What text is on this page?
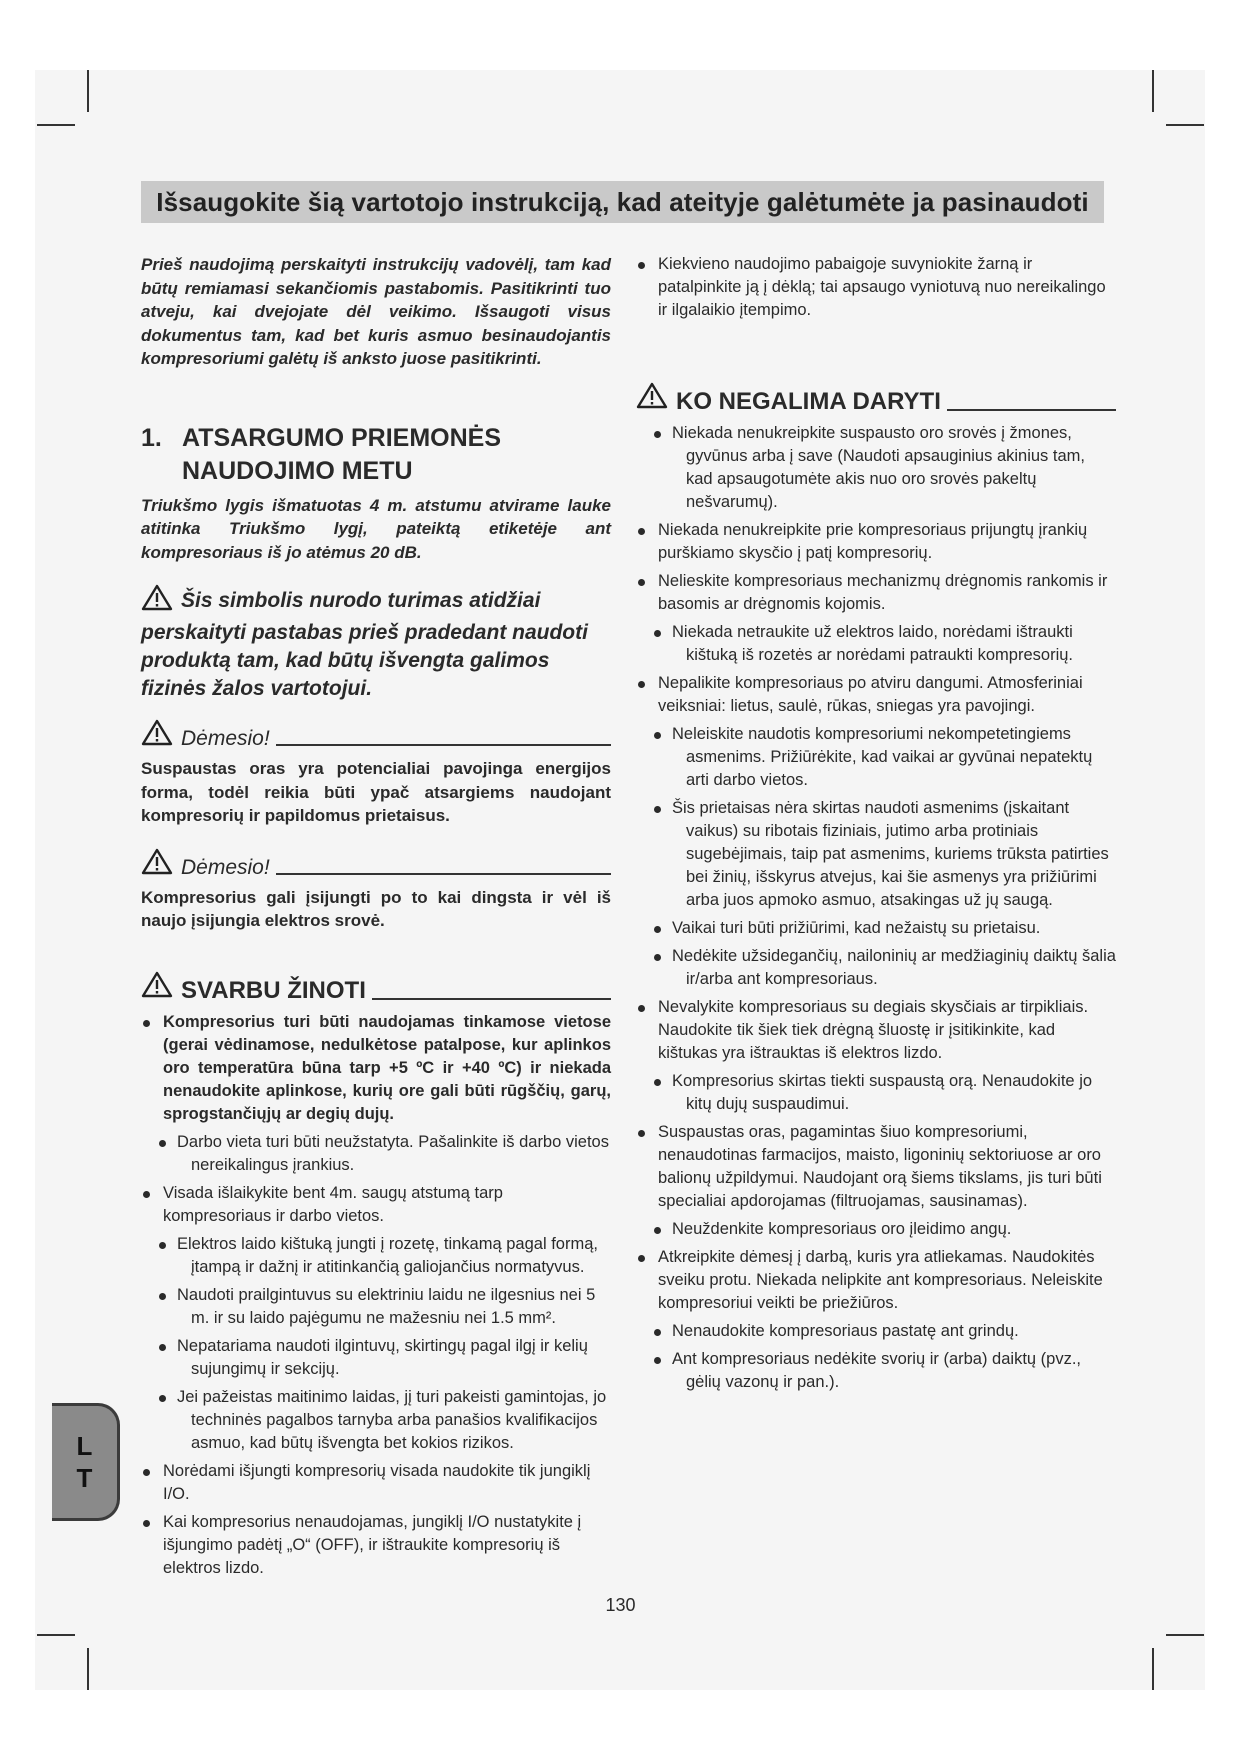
Išsaugokite šią vartotojo instrukciją, kad ateityje galėtumėte ja pasinaudoti

Prieš naudojimą perskaityti instrukcijų vadovėlį, tam kad būtų remiamasi sekančiomis pastabomis. Pasitikrinti tuo atveju, kai dvejojate dėl veikimo. Išsaugoti visus dokumentus tam, kad bet kuris asmuo besinaudojantis kompresoriumi galėtų iš anksto juose pasitikrinti.

1. ATSARGUMO PRIEMONĖS
NAUDOJIMO METU

Triukšmo lygis išmatuotas 4 m. atstumu atvirame lauke atitinka Triukšmo lygį, pateiktą etiketėje ant kompresoriaus iš jo atėmus 20 dB.

Šis simbolis nurodo turimas atidžiai perskaityti pastabas prieš pradedant naudoti produktą tam, kad būtų išvengta galimos fizinės žalos vartotojui.

Dėmesio!

Suspaustas oras yra potencialiai pavojinga energijos forma, todėl reikia būti ypač atsargiems naudojant kompresorių ir papildomus prietaisus.

Dėmesio!

Kompresorius gali įsijungti po to kai dingsta ir vėl iš naujo įsijungia elektros srovė.

SVARBU ŽINOTI
Kompresorius turi būti naudojamas tinkamose vietose (gerai vėdinamose, nedulkėtose patalpose, kur aplinkos oro temperatūra būna tarp +5 ºC ir +40 ºC) ir niekada nenaudokite aplinkose, kurių ore gali būti rūgščių, garų, sprogstančiųjų ar degių dujų.
Darbo vieta turi būti neužstatyta. Pašalinkite iš darbo vietos nereikalingus įrankius.
Visada išlaikykite bent 4m. saugų atstumą tarp kompresoriaus ir darbo vietos.
Elektros laido kištuką jungti į rozetę, tinkamą pagal formą, įtampą ir dažnį ir atitinkančią galiojančius normatyvus.
Naudoti prailgintuvus su elektriniu laidu ne ilgesnius nei 5 m. ir su laido pajėgumu ne mažesniu nei 1.5 mm².
Nepatariama naudoti ilgintuvų, skirtingų pagal ilgį ir kelių sujungimų ir sekcijų.
Jei pažeistas maitinimo laidas, jį turi pakeisti gamintojas, jo techninės pagalbos tarnyba arba panašios kvalifikacijos asmuo, kad būtų išvengta bet kokios rizikos.
Norėdami išjungti kompresorių visada naudokite tik jungiklį I/O.
Kai kompresorius nenaudojamas, jungiklį I/O nustatykite į išjungimo padėtį „O“ (OFF), ir ištraukite kompresorių iš elektros lizdo.
Kiekvieno naudojimo pabaigoje suvyniokite žarną ir patalpinkite ją į dėklą; tai apsaugo vyniotuvą nuo nereikalingo ir ilgalaikio įtempimo.
KO NEGALIMA DARYTI
Niekada nenukreipkite suspausto oro srovės į žmones, gyvūnus arba į save (Naudoti apsauginius akinius tam, kad apsaugotumėte akis nuo oro srovės pakeltų nešvarumų).
Niekada nenukreipkite prie kompresoriaus prijungtų įrankių purškiamo skysčio į patį kompresorių.
Nelieskite kompresoriaus mechanizmų drėgnomis rankomis ir basomis ar drėgnomis kojomis.
Niekada netraukite už elektros laido, norėdami ištraukti kištuką iš rozetės ar norėdami patraukti kompresorių.
Nepalikite kompresoriaus po atviru dangumi. Atmosferiniai veiksniai: lietus, saulė, rūkas, sniegas yra pavojingi.
Neleiskite naudotis kompresoriumi nekompetetingiems asmenims. Prižiūrėkite, kad vaikai ar gyvūnai nepatektų arti darbo vietos.
Šis prietaisas nėra skirtas naudoti asmenims (įskaitant vaikus) su ribotais fiziniais, jutimo arba protiniais sugebėjimais, taip pat asmenims, kuriems trūksta patirties bei žinių, išskyrus atvejus, kai šie asmenys yra prižiūrimi arba juos apmoko asmuo, atsakingas už jų saugą.
Vaikai turi būti prižiūrimi, kad nežaistų su prietaisu.
Nedėkite užsidegančių, nailoninių ar medžiaginių daiktų šalia ir/arba ant kompresoriaus.
Nevalykite kompresoriaus su degiais skysčiais ar tirpikliais. Naudokite tik šiek tiek drėgną šluostę ir įsitikinkite, kad kištukas yra ištrauktas iš elektros lizdo.
Kompresorius skirtas tiekti suspaustą orą. Nenaudokite jo kitų dujų suspaudimui.
Suspaustas oras, pagamintas šiuo kompresoriumi, nenaudotinas farmacijos, maisto, ligoninių sektoriuose ar oro balionų užpildymui. Naudojant orą šiems tikslams, jis turi būti specialiai apdorojamas (filtruojamas, sausinamas).
Neuždenkite kompresoriaus oro įleidimo angų.
Atkreipkite dėmesį į darbą, kuris yra atliekamas. Naudokitės sveiku protu. Niekada nelipkite ant kompresoriaus. Neleiskite kompresoriui veikti be priežiūros.
Nenaudokite kompresoriaus pastatę ant grindų.
Ant kompresoriaus nedėkite svorių ir (arba) daiktų (pvz., gėlių vazonų ir pan.).
L
T
130
